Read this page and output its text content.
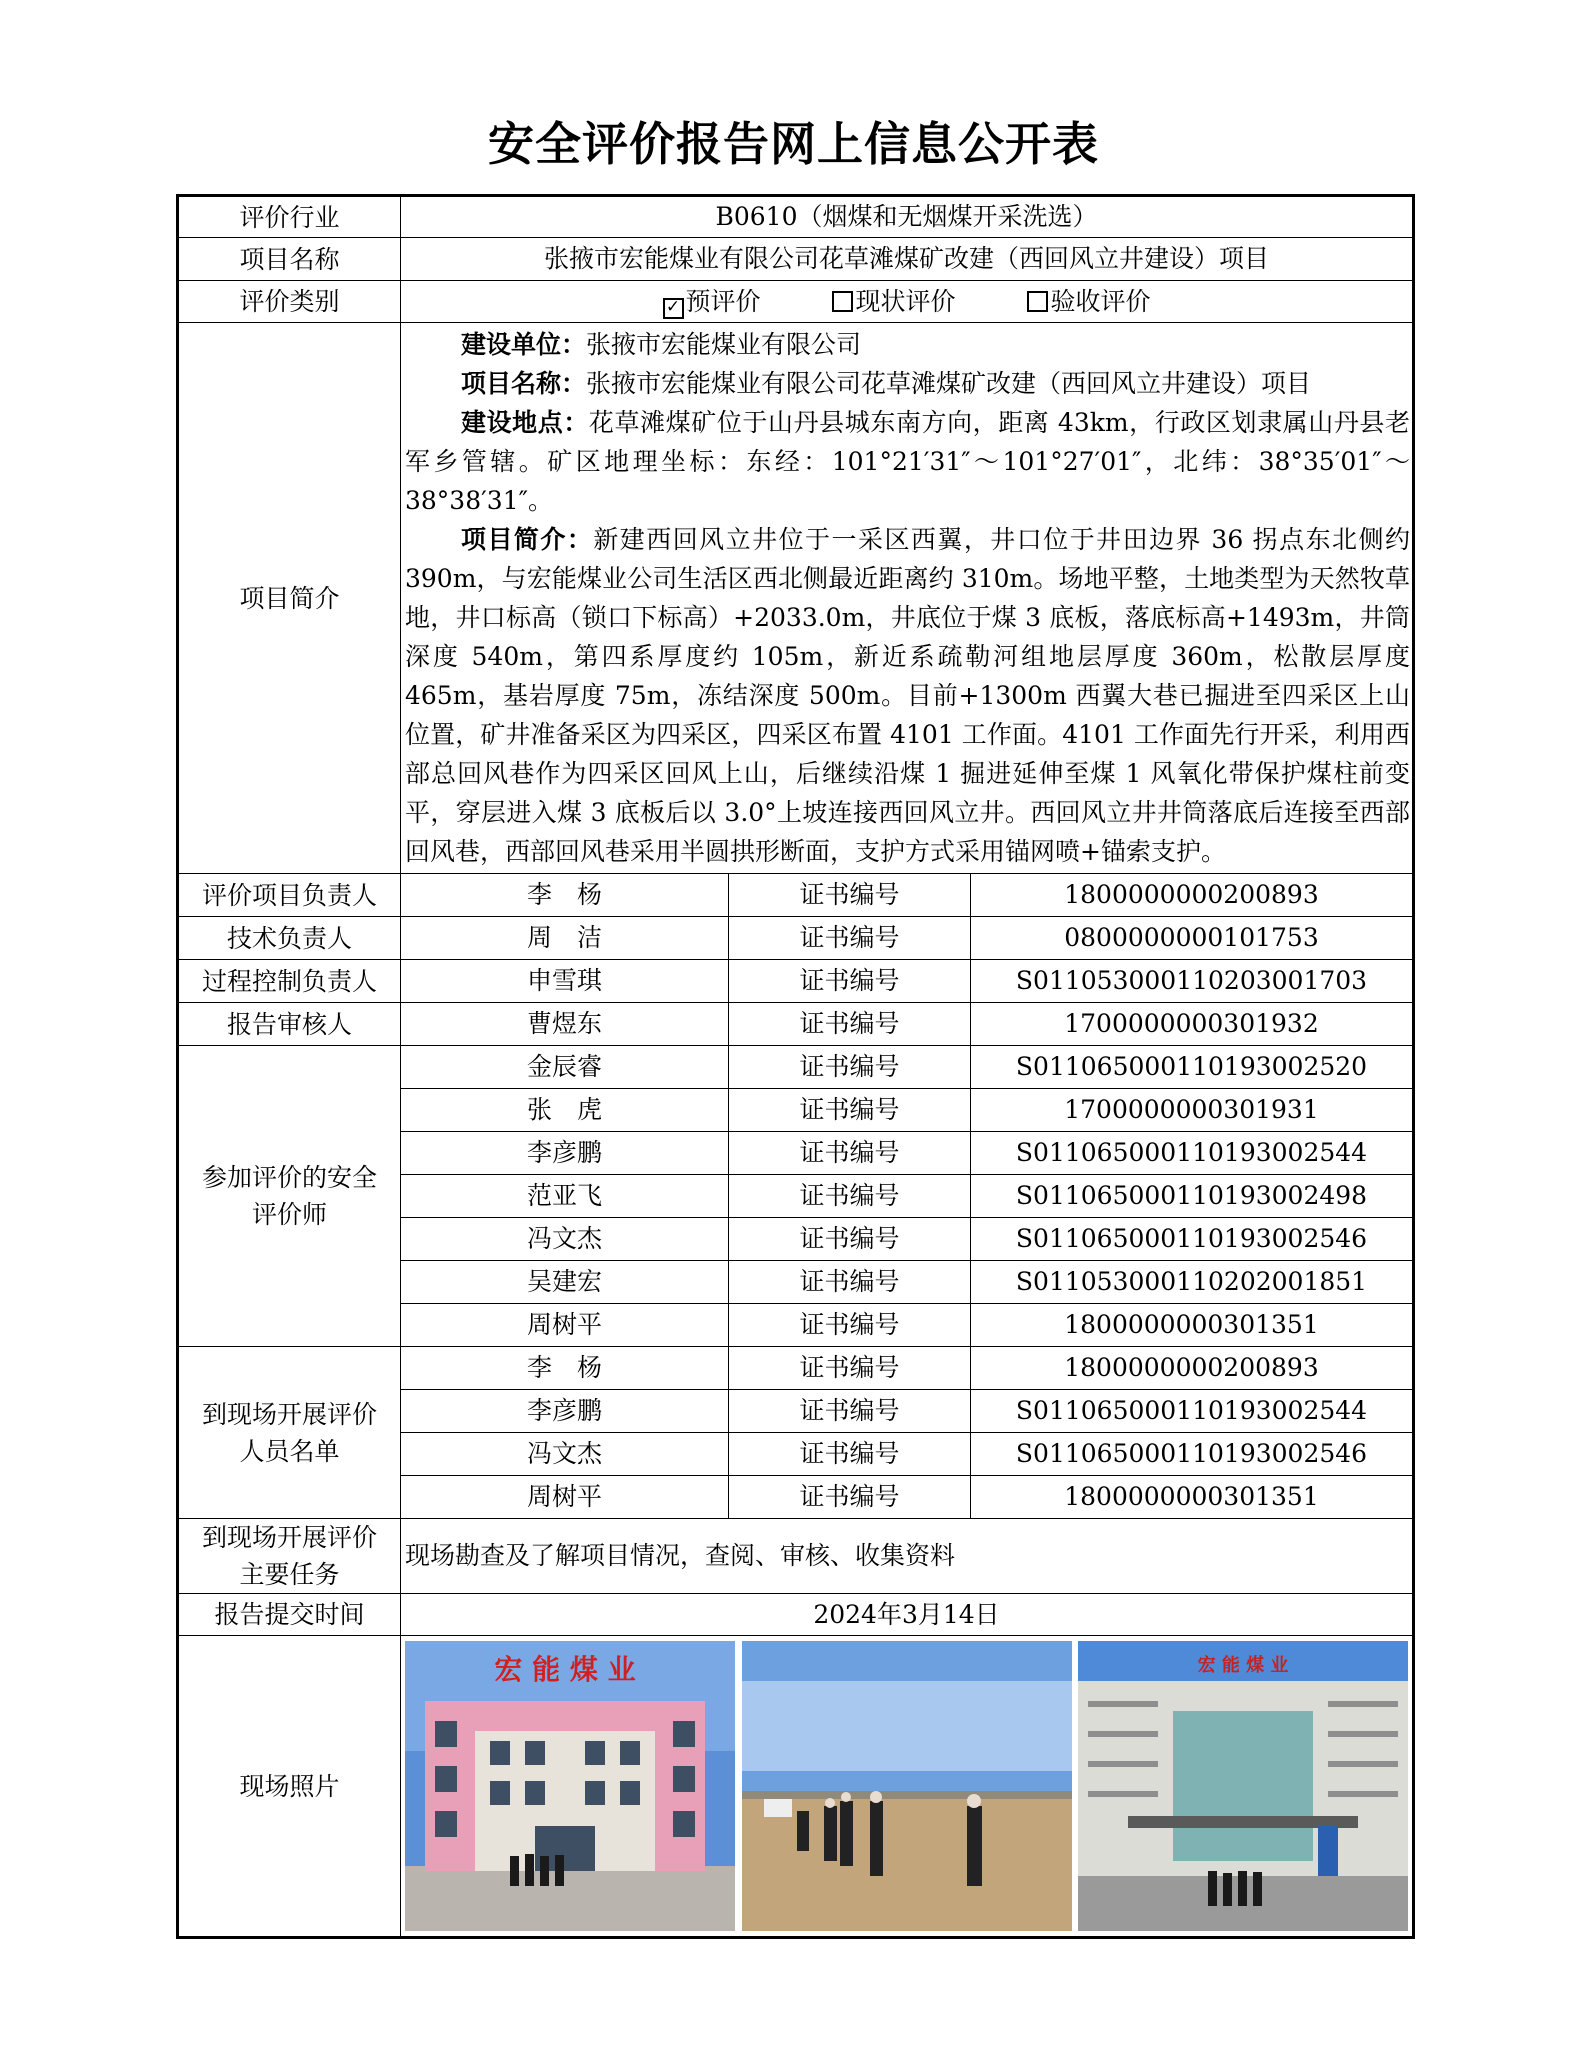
安全评价报告网上信息公开表
评价行业	B0610（烟煤和无烟煤开采洗选）		
项目名称	张掖市宏能煤业有限公司花草滩煤矿改建（西回风立井建设）项目		
评价类别	✓ 预评价 现状评价 验收评价		
项目简介	建设单位：张掖市宏能煤业有限公司

项目名称：张掖市宏能煤业有限公司花草滩煤矿改建（西回风立井建设）项目

建设地点：花草滩煤矿位于山丹县城东南方向，距离 43km，行政区划隶属山丹县老军乡管辖。矿区地理坐标：东经：101°21′31″～101°27′01″，北纬：38°35′01″～38°38′31″。

项目简介：新建西回风立井位于一采区西翼，井口位于井田边界 36 拐点东北侧约 390m，与宏能煤业公司生活区西北侧最近距离约 310m。场地平整，土地类型为天然牧草地，井口标高（锁口下标高）+2033.0m，井底位于煤 3 底板，落底标高+1493m，井筒深度 540m，第四系厚度约 105m，新近系疏勒河组地层厚度 360m，松散层厚度 465m，基岩厚度 75m，冻结深度 500m。目前+1300m 西翼大巷已掘进至四采区上山位置，矿井准备采区为四采区，四采区布置 4101 工作面。4101 工作面先行开采，利用西部总回风巷作为四采区回风上山，后继续沿煤 1 掘进延伸至煤 1 风氧化带保护煤柱前变平，穿层进入煤 3 底板后以 3.0°上坡连接西回风立井。西回风立井井筒落底后连接至西部回风巷，西部回风巷采用半圆拱形断面，支护方式采用锚网喷+锚索支护。		

评价项目负责人	李　杨	证书编号	1800000000200893
技术负责人	周　洁	证书编号	0800000000101753
过程控制负责人	申雪琪	证书编号	S011053000110203001703
报告审核人	曹煜东	证书编号	1700000000301932
参加评价的安全评价师	金辰睿	证书编号	S011065000110193002520
	张　虎	证书编号	1700000000301931
	李彦鹏	证书编号	S011065000110193002544
	范亚飞	证书编号	S011065000110193002498
	冯文杰	证书编号	S011065000110193002546
	吴建宏	证书编号	S011053000110202001851
	周树平	证书编号	1800000000301351
到现场开展评价人员名单	李　杨	证书编号	1800000000200893
	李彦鹏	证书编号	S011065000110193002544
	冯文杰	证书编号	S011065000110193002546
	周树平	证书编号	1800000000301351
到现场开展评价主要任务	现场勘查及了解项目情况，查阅、审核、收集资料		
报告提交时间	2024年3月14日		
现场照片	宏 能 煤 业 宏 能 煤 业		
